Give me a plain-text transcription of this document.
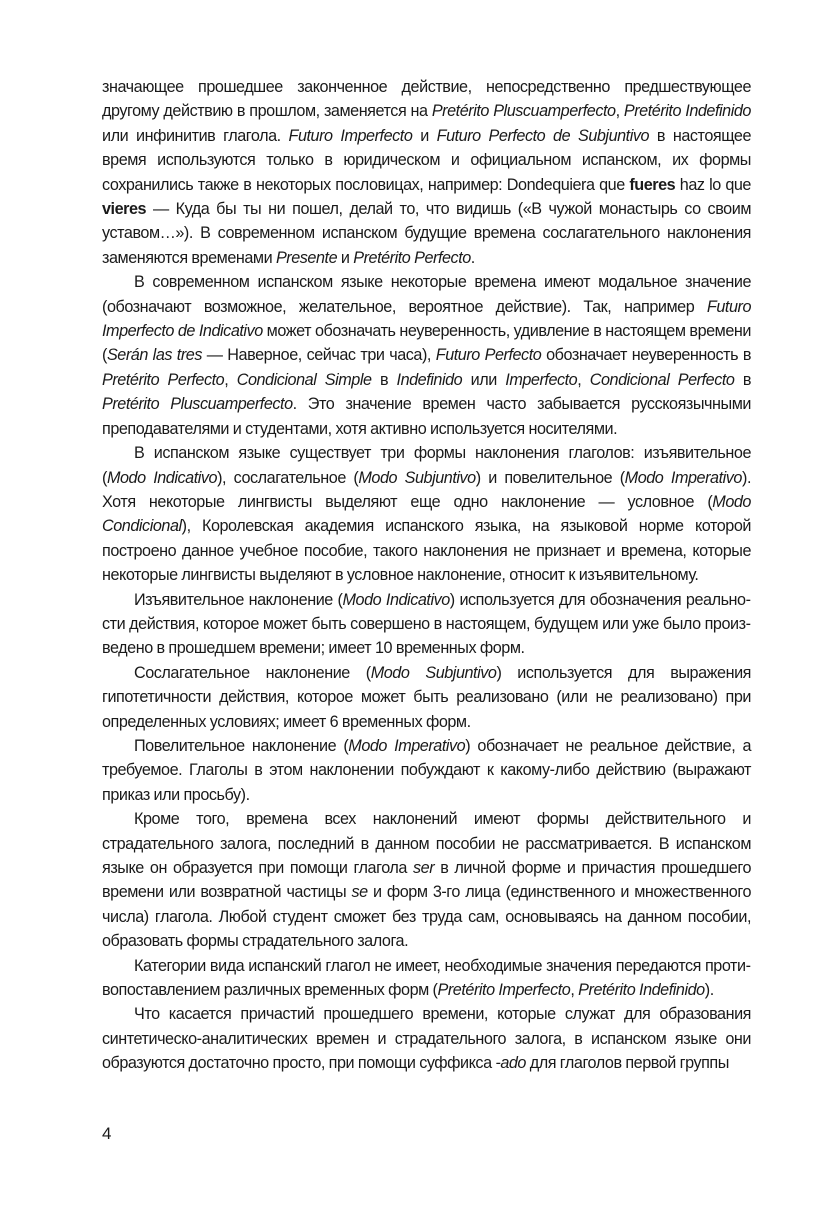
значающее прошедшее законченное действие, непосредственно предшествующее другому действию в прошлом, заменяется на Pretérito Pluscuamperfecto, Pretérito Indefinido или инфинитив глагола. Futuro Imperfecto и Futuro Perfecto de Subjuntivo в настоящее время используются только в юридическом и официальном испанском, их формы сохранились также в некоторых пословицах, например: Dondequiera que fueres haz lo que vieres — Куда бы ты ни пошел, делай то, что видишь («В чужой монастырь со своим уставом…»). В современном испанском будущие времена сослагательного наклонения заменяются временами Presente и Pretérito Perfecto.

В современном испанском языке некоторые времена имеют модальное значение (обозначают возможное, желательное, вероятное действие). Так, например Futuro Imperfecto de Indicativo может обозначать неуверенность, удивление в настоящем времени (Serán las tres — Наверное, сейчас три часа), Futuro Perfecto обозначает неуверенность в Pretérito Perfecto, Condicional Simple в Indefinido или Imperfecto, Condicional Perfecto в Pretérito Pluscuamperfecto. Это значение времен часто забывается русскоязычными преподавателями и студентами, хотя активно используется носителями.

В испанском языке существует три формы наклонения глаголов: изъявительное (Modo Indicativo), сослагательное (Modo Subjuntivo) и повелительное (Modo Imperativo). Хотя некоторые лингвисты выделяют еще одно наклонение — условное (Modo Condicional), Королевская академия испанского языка, на языковой норме которой построено данное учебное пособие, такого наклонения не признает и времена, которые некоторые лингвисты выделяют в условное наклонение, относит к изъявительному.

Изъявительное наклонение (Modo Indicativo) используется для обозначения реальности действия, которое может быть совершено в настоящем, будущем или уже было произведено в прошедшем времени; имеет 10 временных форм.

Сослагательное наклонение (Modo Subjuntivo) используется для выражения гипотетичности действия, которое может быть реализовано (или не реализовано) при определенных условиях; имеет 6 временных форм.

Повелительное наклонение (Modo Imperativo) обозначает не реальное действие, а требуемое. Глаголы в этом наклонении побуждают к какому-либо действию (выражают приказ или просьбу).

Кроме того, времена всех наклонений имеют формы действительного и страдательного залога, последний в данном пособии не рассматривается. В испанском языке он образуется при помощи глагола ser в личной форме и причастия прошедшего времени или возвратной частицы se и форм 3-го лица (единственного и множественного числа) глагола. Любой студент сможет без труда сам, основываясь на данном пособии, образовать формы страдательного залога.

Категории вида испанский глагол не имеет, необходимые значения передаются противопоставлением различных временных форм (Pretérito Imperfecto, Pretérito Indefinido).

Что касается причастий прошедшего времени, которые служат для образования синтетическо-аналитических времен и страдательного залога, в испанском языке они образуются достаточно просто, при помощи суффикса -ado для глаголов первой группы

4
